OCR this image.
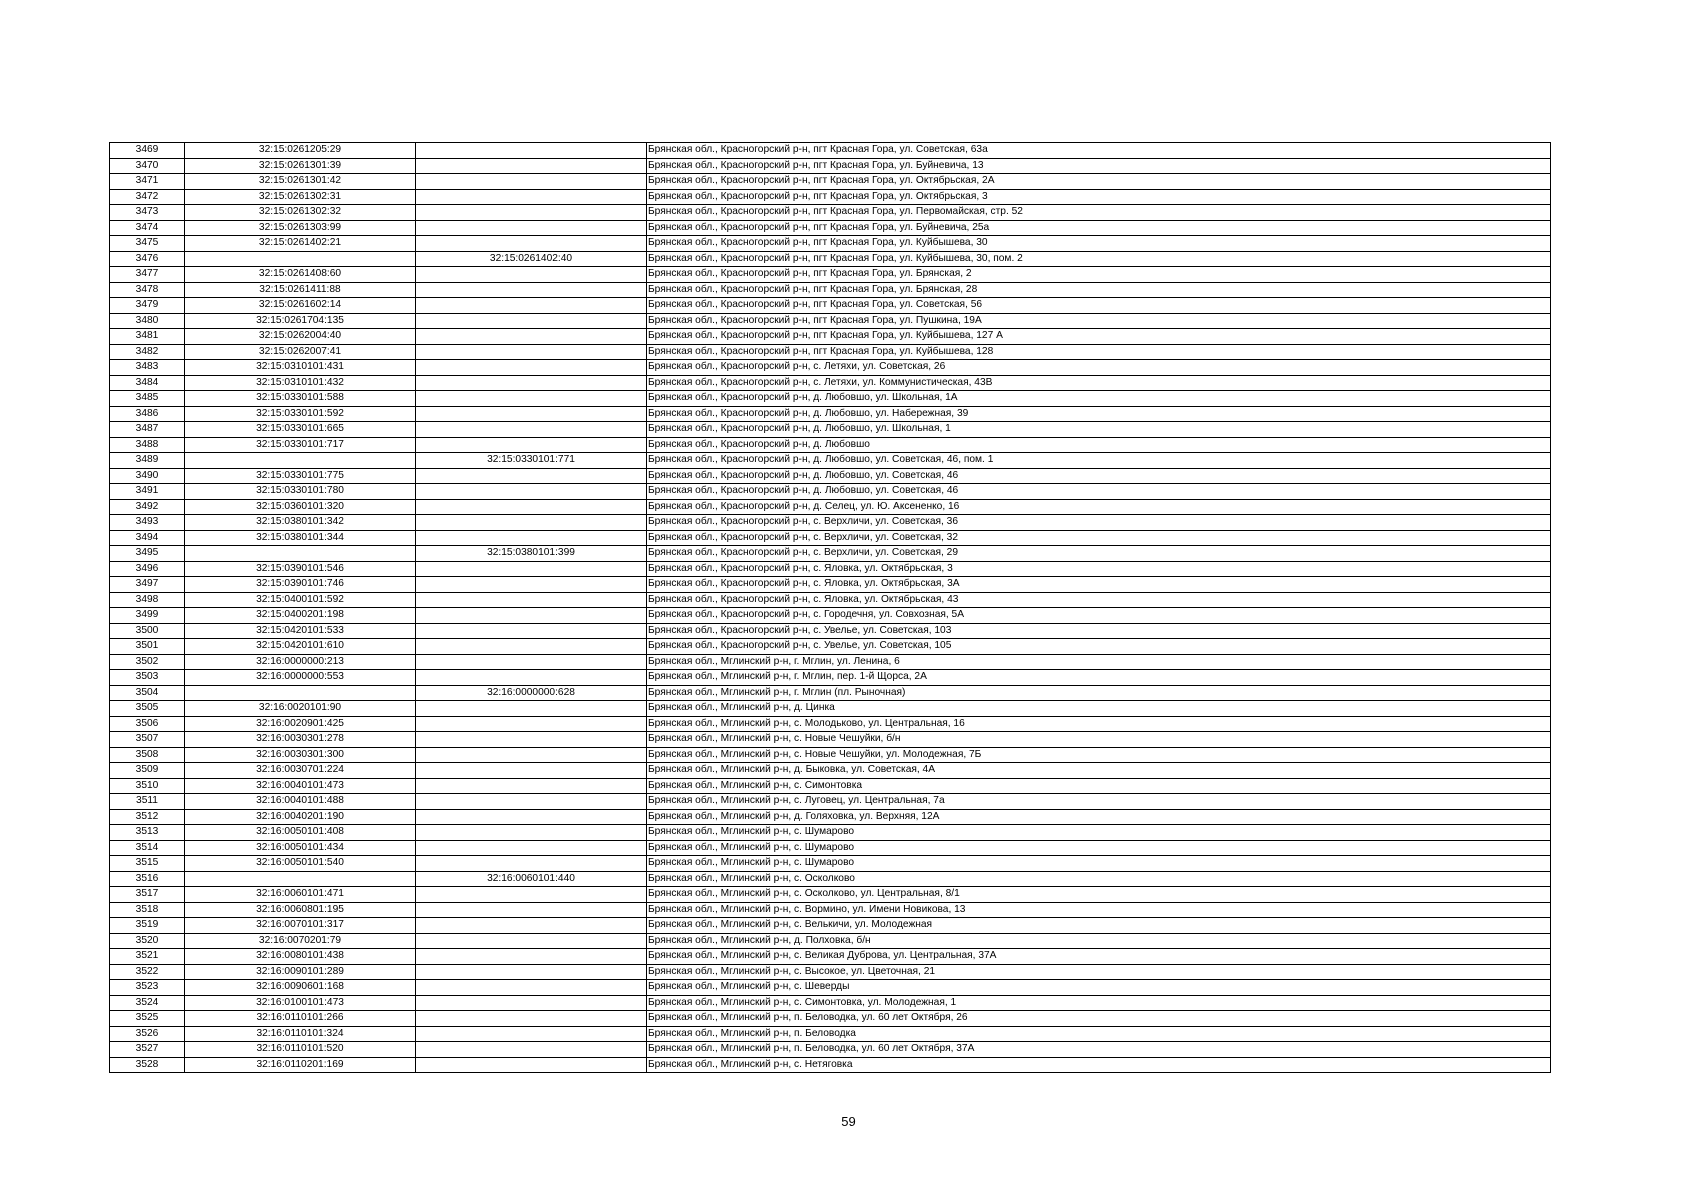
3469	32:15:0261205:29		Брянская обл., Красногорский р-н, пгт Красная Гора, ул. Советская, 63а
3470	32:15:0261301:39		Брянская обл., Красногорский р-н, пгт Красная Гора, ул. Буйневича, 13
3471	32:15:0261301:42		Брянская обл., Красногорский р-н, пгт Красная Гора, ул. Октябрьская, 2А
3472	32:15:0261302:31		Брянская обл., Красногорский р-н, пгт Красная Гора, ул. Октябрьская, 3
3473	32:15:0261302:32		Брянская обл., Красногорский р-н, пгт Красная Гора, ул. Первомайская, стр. 52
3474	32:15:0261303:99		Брянская обл., Красногорский р-н, пгт Красная Гора, ул. Буйневича, 25а
3475	32:15:0261402:21		Брянская обл., Красногорский р-н, пгт Красная Гора, ул. Куйбышева, 30
3476		32:15:0261402:40	Брянская обл., Красногорский р-н, пгт Красная Гора, ул. Куйбышева, 30, пом. 2
3477	32:15:0261408:60		Брянская обл., Красногорский р-н, пгт Красная Гора, ул. Брянская, 2
3478	32:15:0261411:88		Брянская обл., Красногорский р-н, пгт Красная Гора, ул. Брянская, 28
3479	32:15:0261602:14		Брянская обл., Красногорский р-н, пгт Красная Гора, ул. Советская, 56
3480	32:15:0261704:135		Брянская обл., Красногорский р-н, пгт Красная Гора, ул. Пушкина, 19А
3481	32:15:0262004:40		Брянская обл., Красногорский р-н, пгт Красная Гора, ул. Куйбышева, 127 А
3482	32:15:0262007:41		Брянская обл., Красногорский р-н, пгт Красная Гора, ул. Куйбышева, 128
3483	32:15:0310101:431		Брянская обл., Красногорский р-н, с. Летяхи, ул. Советская, 26
3484	32:15:0310101:432		Брянская обл., Красногорский р-н, с. Летяхи, ул. Коммунистическая, 43В
3485	32:15:0330101:588		Брянская обл., Красногорский р-н, д. Любовшо, ул. Школьная, 1А
3486	32:15:0330101:592		Брянская обл., Красногорский р-н, д. Любовшо, ул. Набережная, 39
3487	32:15:0330101:665		Брянская обл., Красногорский р-н, д. Любовшо, ул. Школьная, 1
3488	32:15:0330101:717		Брянская обл., Красногорский р-н, д. Любовшо
3489		32:15:0330101:771	Брянская обл., Красногорский р-н, д. Любовшо, ул. Советская, 46, пом. 1
3490	32:15:0330101:775		Брянская обл., Красногорский р-н, д. Любовшо, ул. Советская, 46
3491	32:15:0330101:780		Брянская обл., Красногорский р-н, д. Любовшо, ул. Советская, 46
3492	32:15:0360101:320		Брянская обл., Красногорский р-н, д. Селец, ул. Ю. Аксененко, 16
3493	32:15:0380101:342		Брянская обл., Красногорский р-н, с. Верхличи, ул. Советская, 36
3494	32:15:0380101:344		Брянская обл., Красногорский р-н, с. Верхличи, ул. Советская, 32
3495		32:15:0380101:399	Брянская обл., Красногорский р-н, с. Верхличи, ул. Советская, 29
3496	32:15:0390101:546		Брянская обл., Красногорский р-н, с. Яловка, ул. Октябрьская, 3
3497	32:15:0390101:746		Брянская обл., Красногорский р-н, с. Яловка, ул. Октябрьская, 3А
3498	32:15:0400101:592		Брянская обл., Красногорский р-н, с. Яловка, ул. Октябрьская, 43
3499	32:15:0400201:198		Брянская обл., Красногорский р-н, с. Городечня, ул. Совхозная, 5А
3500	32:15:0420101:533		Брянская обл., Красногорский р-н, с. Увелье, ул. Советская, 103
3501	32:15:0420101:610		Брянская обл., Красногорский р-н, с. Увелье, ул. Советская, 105
3502	32:16:0000000:213		Брянская обл., Мглинский р-н, г. Мглин, ул. Ленина, 6
3503	32:16:0000000:553		Брянская обл., Мглинский р-н, г. Мглин, пер. 1-й Щорса, 2А
3504		32:16:0000000:628	Брянская обл., Мглинский р-н, г. Мглин (пл. Рыночная)
3505	32:16:0020101:90		Брянская обл., Мглинский р-н, д. Цинка
3506	32:16:0020901:425		Брянская обл., Мглинский р-н, с. Молодьково, ул. Центральная, 16
3507	32:16:0030301:278		Брянская обл., Мглинский р-н, с. Новые Чешуйки, б/н
3508	32:16:0030301:300		Брянская обл., Мглинский р-н, с. Новые Чешуйки, ул. Молодежная, 7Б
3509	32:16:0030701:224		Брянская обл., Мглинский р-н, д. Быковка, ул. Советская, 4А
3510	32:16:0040101:473		Брянская обл., Мглинский р-н, с. Симонтовка
3511	32:16:0040101:488		Брянская обл., Мглинский р-н, с. Луговец, ул. Центральная, 7а
3512	32:16:0040201:190		Брянская обл., Мглинский р-н, д. Голяховка, ул. Верхняя, 12А
3513	32:16:0050101:408		Брянская обл., Мглинский р-н, с. Шумарово
3514	32:16:0050101:434		Брянская обл., Мглинский р-н, с. Шумарово
3515	32:16:0050101:540		Брянская обл., Мглинский р-н, с. Шумарово
3516		32:16:0060101:440	Брянская обл., Мглинский р-н, с. Осколково
3517	32:16:0060101:471		Брянская обл., Мглинский р-н, с. Осколково, ул. Центральная, 8/1
3518	32:16:0060801:195		Брянская обл., Мглинский р-н, с. Вормино, ул. Имени Новикова, 13
3519	32:16:0070101:317		Брянская обл., Мглинский р-н, с. Велькичи, ул. Молодежная
3520	32:16:0070201:79		Брянская обл., Мглинский р-н, д. Полховка, б/н
3521	32:16:0080101:438		Брянская обл., Мглинский р-н, с. Великая Дуброва, ул. Центральная, 37А
3522	32:16:0090101:289		Брянская обл., Мглинский р-н, с. Высокое, ул. Цветочная, 21
3523	32:16:0090601:168		Брянская обл., Мглинский р-н, с. Шеверды
3524	32:16:0100101:473		Брянская обл., Мглинский р-н, с. Симонтовка, ул. Молодежная, 1
3525	32:16:0110101:266		Брянская обл., Мглинский р-н, п. Беловодка, ул. 60 лет Октября, 26
3526	32:16:0110101:324		Брянская обл., Мглинский р-н, п. Беловодка
3527	32:16:0110101:520		Брянская обл., Мглинский р-н, п. Беловодка, ул. 60 лет Октября, 37А
3528	32:16:0110201:169		Брянская обл., Мглинский р-н, с. Нетяговка
59
